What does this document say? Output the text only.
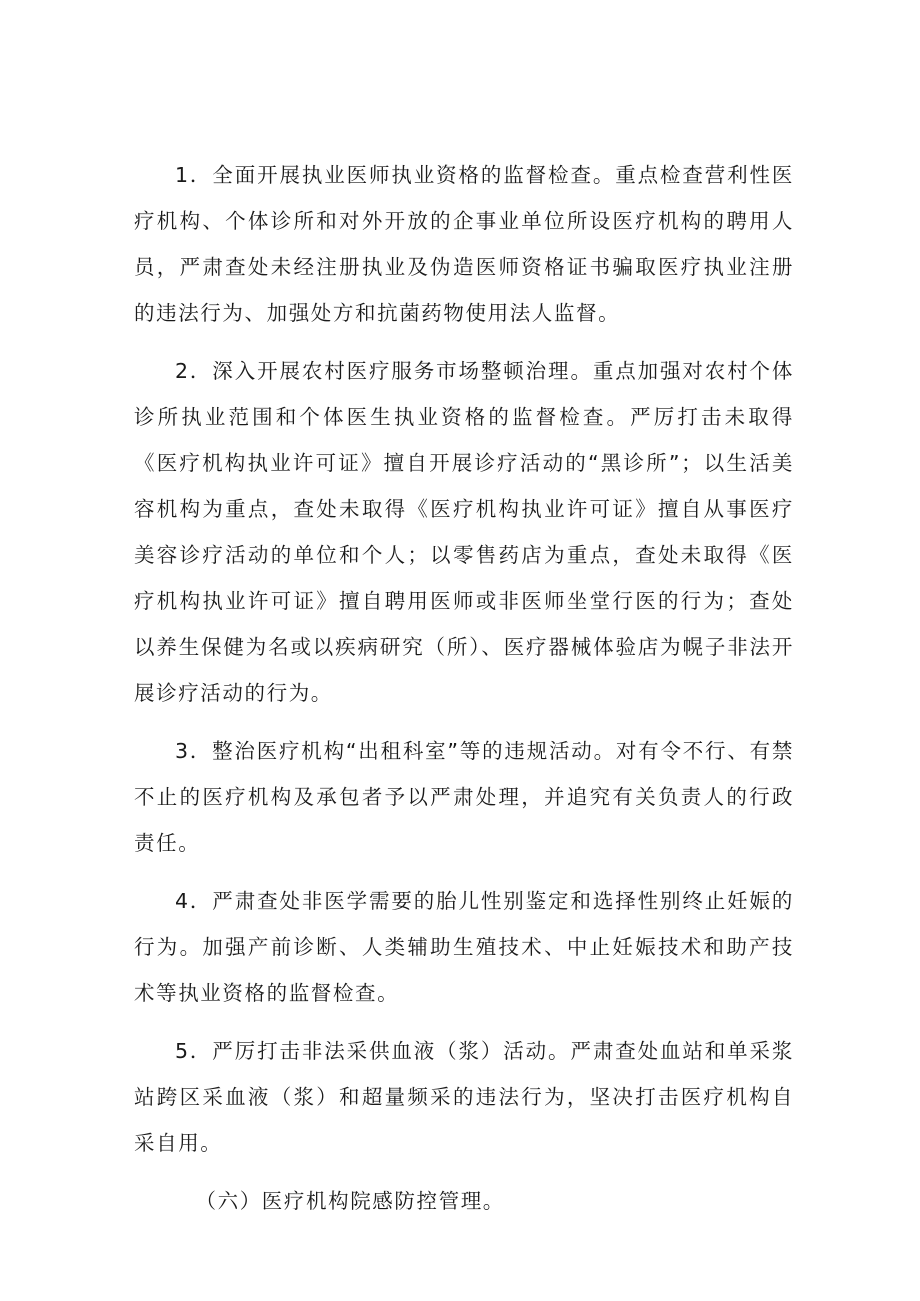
1．全面开展执业医师执业资格的监督检查。重点检查营利性医疗机构、个体诊所和对外开放的企事业单位所设医疗机构的聘用人员，严肃查处未经注册执业及伪造医师资格证书骗取医疗执业注册的违法行为、加强处方和抗菌药物使用法人监督。

2．深入开展农村医疗服务市场整顿治理。重点加强对农村个体诊所执业范围和个体医生执业资格的监督检查。严厉打击未取得《医疗机构执业许可证》擅自开展诊疗活动的“黑诊所”；以生活美容机构为重点，查处未取得《医疗机构执业许可证》擅自从事医疗美容诊疗活动的单位和个人；以零售药店为重点，查处未取得《医疗机构执业许可证》擅自聘用医师或非医师坐堂行医的行为；查处以养生保健为名或以疾病研究（所）、医疗器械体验店为幌子非法开展诊疗活动的行为。

3．整治医疗机构“出租科室”等的违规活动。对有令不行、有禁不止的医疗机构及承包者予以严肃处理，并追究有关负责人的行政责任。

4．严肃查处非医学需要的胎儿性别鉴定和选择性别终止妊娠的行为。加强产前诊断、人类辅助生殖技术、中止妊娠技术和助产技术等执业资格的监督检查。

5．严厉打击非法采供血液（浆）活动。严肃查处血站和单采浆站跨区采血液（浆）和超量频采的违法行为，坚决打击医疗机构自采自用。

（六）医疗机构院感防控管理。
